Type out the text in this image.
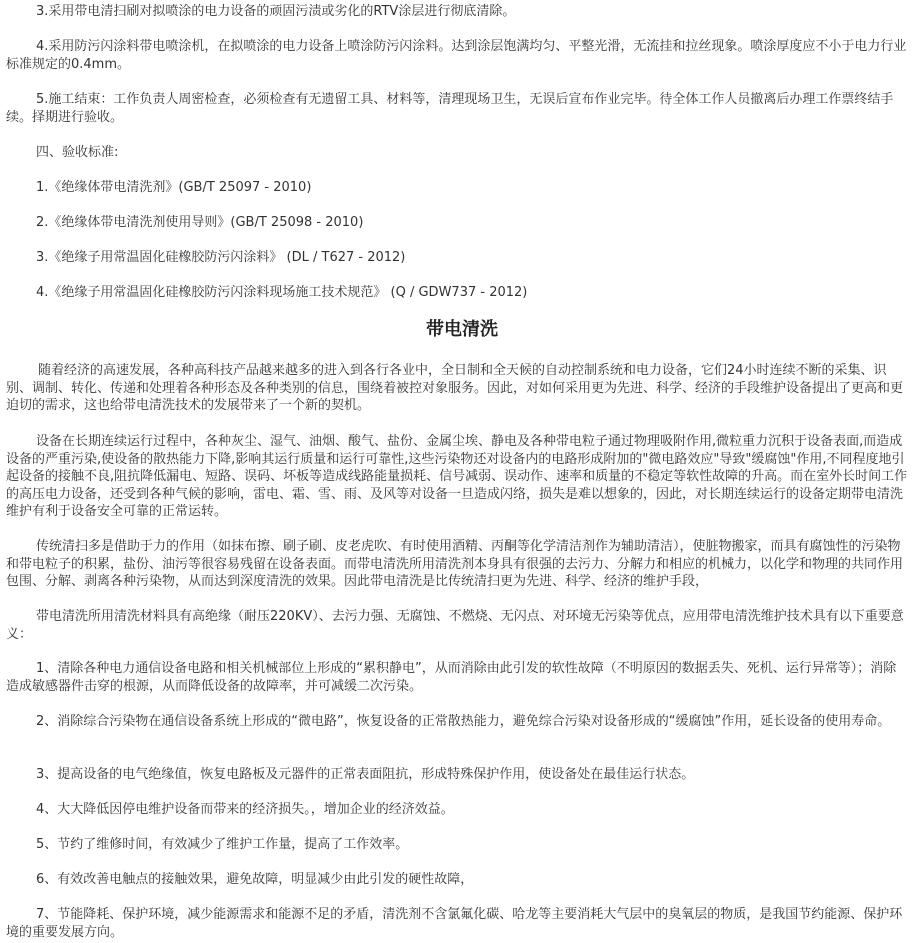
3.采用带电清扫刷对拟喷涂的电力设备的顽固污渍或劣化的RTV涂层进行彻底清除。

4.采用防污闪涂料带电喷涂机，在拟喷涂的电力设备上喷涂防污闪涂料。达到涂层饱满均匀、平整光滑，无流挂和拉丝现象。喷涂厚度应不小于电力行业标准规定的0.4mm。

5.施工结束：工作负责人周密检查，必须检查有无遗留工具、材料等，清理现场卫生，无误后宣布作业完毕。待全体工作人员撤离后办理工作票终结手续。择期进行验收。

四、验收标准:

1.《绝缘体带电清洗剂》(GB/T 25097 - 2010)

2.《绝缘体带电清洗剂使用导则》(GB/T 25098 - 2010)

3.《绝缘子用常温固化硅橡胶防污闪涂料》 (DL / T627 - 2012)

4.《绝缘子用常温固化硅橡胶防污闪涂料现场施工技术规范》 (Q / GDW737 - 2012)

带电清洗

随着经济的高速发展，各种高科技产品越来越多的进入到各行各业中，全日制和全天候的自动控制系统和电力设备，它们24小时连续不断的采集、识别、调制、转化、传递和处理着各种形态及各种类别的信息，围绕着被控对象服务。因此，对如何采用更为先进、科学、经济的手段维护设备提出了更高和更迫切的需求，这也给带电清洗技术的发展带来了一个新的契机。

设备在长期连续运行过程中，各种灰尘、湿气、油烟、酸气、盐份、金属尘埃、静电及各种带电粒子通过物理吸附作用,微粒重力沉积于设备表面,而造成设备的严重污染,使设备的散热能力下降,影响其运行质量和运行可靠性,这些污染物还对设备内的电路形成附加的"微电路效应"导致"缓腐蚀"作用,不同程度地引起设备的接触不良,阻抗降低漏电、短路、误码、坏板等造成线路能量损耗、信号减弱、误动作、速率和质量的不稳定等软性故障的升高。而在室外长时间工作的高压电力设备，还受到各种气候的影响，雷电、霜、雪、雨、及风等对设备一旦造成闪络，损失是难以想象的，因此，对长期连续运行的设备定期带电清洗维护有利于设备安全可靠的正常运转。

传统清扫多是借助于力的作用（如抹布擦、刷子刷、皮老虎吹、有时使用酒精、丙酮等化学清洁剂作为辅助清洁），使脏物搬家，而具有腐蚀性的污染物和带电粒子的积累，盐份、油污等很容易残留在设备表面。而带电清洗所用清洗剂本身具有很强的去污力、分解力和相应的机械力，以化学和物理的共同作用包围、分解、剥离各种污染物，从而达到深度清洗的效果。因此带电清洗是比传统清扫更为先进、科学、经济的维护手段，

带电清洗所用清洗材料具有高绝缘（耐压220KV）、去污力强、无腐蚀、不燃烧、无闪点、对环境无污染等优点，应用带电清洗维护技术具有以下重要意义：

1、清除各种电力通信设备电路和相关机械部位上形成的“累积静电”，从而消除由此引发的软性故障（不明原因的数据丢失、死机、运行异常等）；消除造成敏感器件击穿的根源，从而降低设备的故障率，并可减缓二次污染。

2、消除综合污染物在通信设备系统上形成的“微电路”，恢复设备的正常散热能力，避免综合污染对设备形成的“缓腐蚀”作用，延长设备的使用寿命。

3、提高设备的电气绝缘值，恢复电路板及元器件的正常表面阻抗，形成特殊保护作用，使设备处在最佳运行状态。

4、大大降低因停电维护设备而带来的经济损失。，增加企业的经济效益。

5、节约了维修时间，有效减少了维护工作量，提高了工作效率。

6、有效改善电触点的接触效果，避免故障，明显减少由此引发的硬性故障，

7、节能降耗、保护环境，减少能源需求和能源不足的矛盾，清洗剂不含氯氟化碳、哈龙等主要消耗大气层中的臭氧层的物质，是我国节约能源、保护环境的重要发展方向。
